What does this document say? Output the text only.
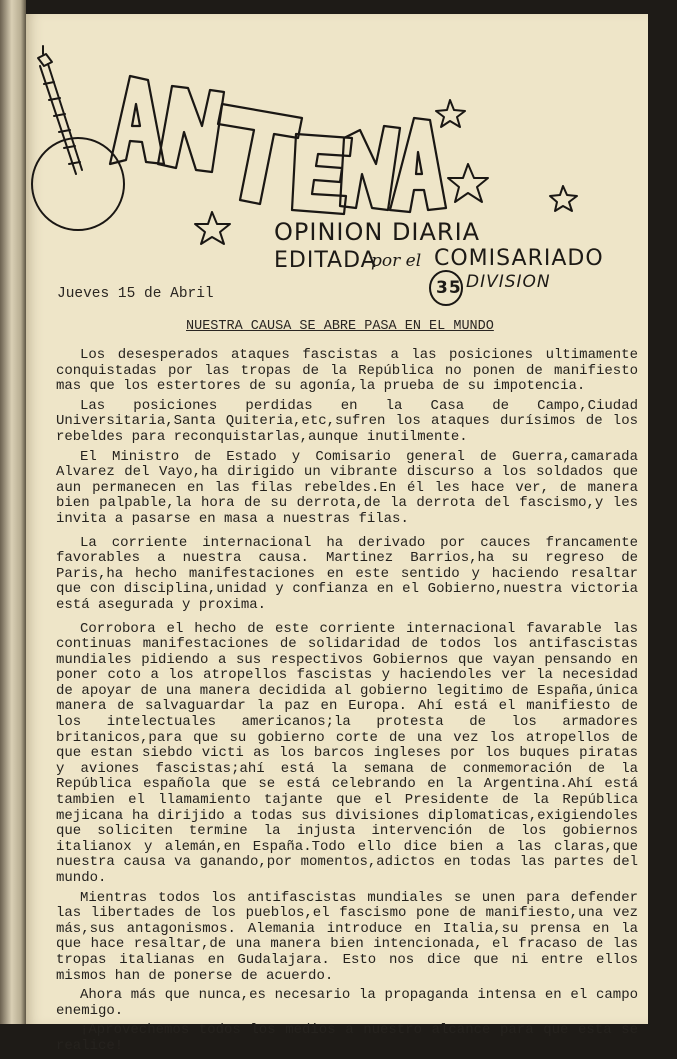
OPINION DIARIA
EDITADA
por el COMISARIADO
35 DIVISION
Jueves 15 de Abril
NUESTRA CAUSA SE ABRE PASA EN EL MUNDO

Los desesperados ataques fascistas a las posiciones ultimamente conquistadas por las tropas de la República no ponen de manifiesto mas que los estertores de su agonía,la prueba de su impotencia.

Las posiciones perdidas en la Casa de Campo,Ciudad Universitaria,Santa Quiteria,etc,sufren los ataques durísimos de los rebeldes para reconquistarlas,aunque inutilmente.

El Ministro de Estado y Comisario general de Guerra,camarada Alvarez del Vayo,ha dirigido un vibrante discurso a los soldados que aun permanecen en las filas rebeldes.En él les hace ver, de manera bien palpable,la hora de su derrota,de la derrota del fascismo,y les invita a pasarse en masa a nuestras filas.

La corriente internacional ha derivado por cauces francamente favorables a nuestra causa. Martinez Barrios,ha su regreso de Paris,ha hecho manifestaciones en este sentido y haciendo resaltar que con disciplina,unidad y confianza en el Gobierno,nuestra victoria está asegurada y proxima.

Corrobora el hecho de este corriente internacional favarable las continuas manifestaciones de solidaridad de todos los antifascistas mundiales pidiendo a sus respectivos Gobiernos que vayan pensando en poner coto a los atropellos fascistas y haciendoles ver la necesidad de apoyar de una manera decidida al gobierno legitimo de España,única manera de salvaguardar la paz en Europa. Ahí está el manifiesto de los intelectuales americanos;la protesta de los armadores britanicos,para que su gobierno corte de una vez los atropellos de que estan siebdo victi as los barcos ingleses por los buques piratas y aviones fascistas;ahí está la semana de conmemoración de la República española que se está celebrando en la Argentina.Ahí está tambien el llamamiento tajante que el Presidente de la República mejicana ha dirijido a todas sus divisiones diplomaticas,exigiendoles que soliciten termine la injusta intervención de los gobiernos italianox y alemán,en España.Todo ello dice bien a las claras,que nuestra causa va ganando,por momentos,adictos en todas las partes del mundo.

Mientras todos los antifascistas mundiales se unen para defender las libertades de los pueblos,el fascismo pone de manifiesto,una vez más,sus antagonismos. Alemania introduce en Italia,su prensa en la que hace resaltar,de una manera bien intencionada, el fracaso de las tropas italianas en Gudalajara. Esto nos dice que ni entre ellos mismos han de ponerse de acuerdo.

Ahora más que nunca,es necesario la propaganda intensa en el campo enemigo.

¡Aprovechemos todos los medios a nuestro alcance para que esta se realice!
